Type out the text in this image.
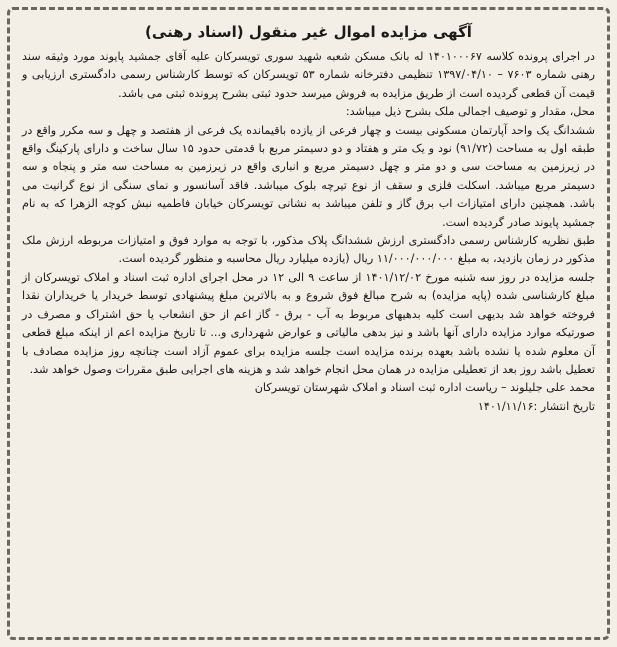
آگهی مزایده اموال غیر منقول (اسناد رهنی)

در اجرای پرونده کلاسه ۱۴۰۱۰۰۰۶۷ له بانک مسکن شعبه شهید سوری تویسرکان علیه آقای جمشید پایوند مورد وثیقه سند رهنی شماره ۷۶۰۳ – ۱۳۹۷/۰۴/۱۰ تنظیمی دفترخانه شماره ۵۳ تویسرکان که توسط کارشناس رسمی دادگستری ارزیابی و قیمت آن قطعی گردیده است از طریق مزایده به فروش میرسد حدود ثبتی بشرح پرونده ثبتی می باشد.

محل، مقدار و توصیف اجمالی ملک بشرح ذیل میباشد:

ششدانگ یک واحد آپارتمان مسکونی بیست و چهار فرعی از یازده باقیمانده یک فرعی از هفتصد و چهل و سه مکرر واقع در طبقه اول به مساحت (۹۱/۷۲) نود و یک متر و هفتاد و دو دسیمتر مربع با قدمتی حدود ۱۵ سال ساخت و دارای پارکینگ واقع در زیرزمین به مساحت سی و دو متر و چهل دسیمتر مربع و انباری واقع در زیرزمین به مساحت سه متر و پنجاه و سه دسیمتر مربع میباشد. اسکلت فلزی و سقف از نوع تیرچه بلوک میباشد. فاقد آسانسور و نمای سنگی از نوع گرانیت می باشد. همچنین دارای امتیازات اب برق گاز و تلفن میباشد به نشانی تویسرکان خیابان فاطمیه نبش کوچه الزهرا که به نام جمشید پایوند صادر گردیده است.

طبق نظریه کارشناس رسمی دادگستری ارزش ششدانگ پلاک مذکور، با توجه به موارد فوق و امتیازات مربوطه ارزش ملک مذکور در زمان بازدید، به مبلغ ۱۱/۰۰۰/۰۰۰/۰۰۰ ریال (یازده میلیارد ریال محاسبه و منظور گردیده است.

جلسه مزایده در روز سه شنبه مورخ ۱۴۰۱/۱۲/۰۲ از ساعت ۹ الی ۱۲ در محل اجرای اداره ثبت اسناد و املاک تویسرکان از مبلغ کارشناسی شده (پایه مزایده) به شرح مبالغ فوق شروع و به بالاترین مبلغ پیشنهادی توسط خریدار یا خریداران نقدا فروخته خواهد شد بدیهی است کلیه بدهیهای مربوط به آب - برق - گاز اعم از حق انشعاب یا حق اشتراک و مصرف در صورتیکه موارد مزایده دارای آنها باشد و نیز بدهی مالیاتی و عوارض شهرداری و... تا تاریخ مزایده اعم از اینکه مبلغ قطعی آن معلوم شده یا نشده باشد بعهده برنده مزایده است جلسه مزایده برای عموم آزاد است چنانچه روز مزایده مصادف با تعطیل باشد روز بعد از تعطیلی مزایده در همان محل انجام خواهد شد و هزینه های اجرایی طبق مقررات وصول خواهد شد.

محمد علی جلیلوند – ریاست اداره ثبت اسناد و املاک شهرستان تویسرکان

تاریخ انتشار :۱۴۰۱/۱۱/۱۶
